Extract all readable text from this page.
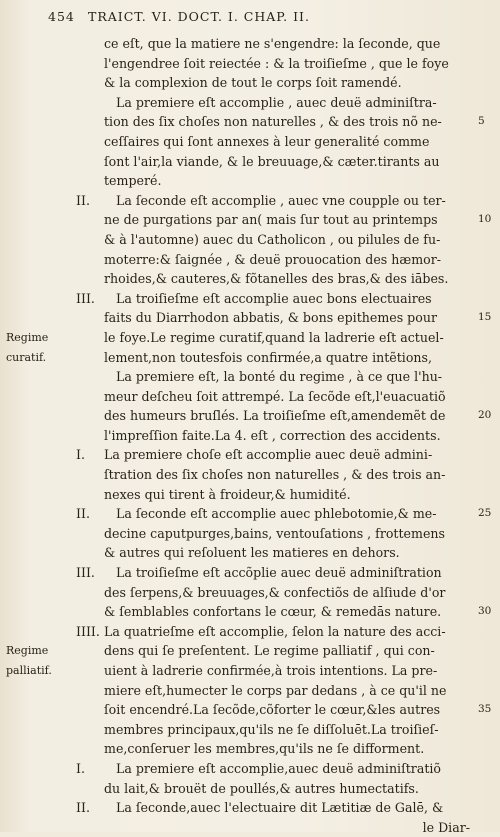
454 TRAICT. VI. DOCT. I. CHAP. II.
ce eſt, que la matiere ne s'engendre: la ſeconde, que
l'engendree ſoit reiectée : & la troiſieſme , que le foye
& la complexion de tout le corps ſoit ramendé.
La premiere eſt accomplie , auec deuë adminiſtra-
tion des ſix choſes non naturelles , & des trois nõ ne-	5
ceſſaires qui ſont annexes à leur generalité comme
ſont l'air,la viande, & le breuuage,& cæter.tirants au
temperé.
II. La ſeconde eſt accomplie , auec vne coupple ou ter-
ne de purgations par an( mais ſur tout au printemps	10
& à l'automne) auec du Catholicon , ou pilules de fu-
moterre:& ſaignée , & deuë prouocation des hæmor-
rhoides,& cauteres,& fõtanelles des bras,& des iābes.
III. La troiſieſme eſt accomplie auec bons electuaires
faits du Diarrhodon abbatis, & bons epithemes pour	15
Regime	le foye.Le regime curatif,quand la ladrerie eſt actuel-
curatif.	lement,non toutesfois confirmée,a quatre intẽtions,
La premiere eſt, la bonté du regime , à ce que l'hu-
meur deſcheu ſoit attrempé. La ſecõde eſt,l'euacuatiõ
des humeurs bruſlés. La troiſieſme eſt,amendemẽt de	20
l'impreſſion faite.La 4. eſt , correction des accidents.
I. La premiere choſe eſt accomplie auec deuë admini-
ſtration des ſix choſes non naturelles , & des trois an-
nexes qui tirent à froideur,& humidité.
II. La ſeconde eſt accomplie auec phlebotomie,& me-	25
decine caputpurges,bains, ventouſations , frottemens
& autres qui reſoluent les matieres en dehors.
III. La troiſieſme eſt accõplie auec deuë adminiſtration
des ſerpens,& breuuages,& confectiõs de alſiude d'or
& ſemblables confortans le cœur, & remedās nature.	30
IIII. La quatrieſme eſt accomplie, ſelon la nature des acci-
Regime	dens qui ſe preſentent. Le regime palliatif , qui con-
palliatif.	uient à ladrerie confirmée,à trois intentions. La pre-
miere eſt,humecter le corps par dedans , à ce qu'il ne
ſoit encendré.La ſecõde,cõforter le cœur,&les autres	35
membres principaux,qu'ils ne ſe diſſoluēt.La troiſieſ-
me,conſeruer les membres,qu'ils ne ſe difforment.
I. La premiere eſt accomplie,auec deuë adminiſtratiõ
du lait,& brouët de poullés,& autres humectatifs.
II. La ſeconde,auec l'electuaire dit Lætitiæ de Galē, &
le Diar-
